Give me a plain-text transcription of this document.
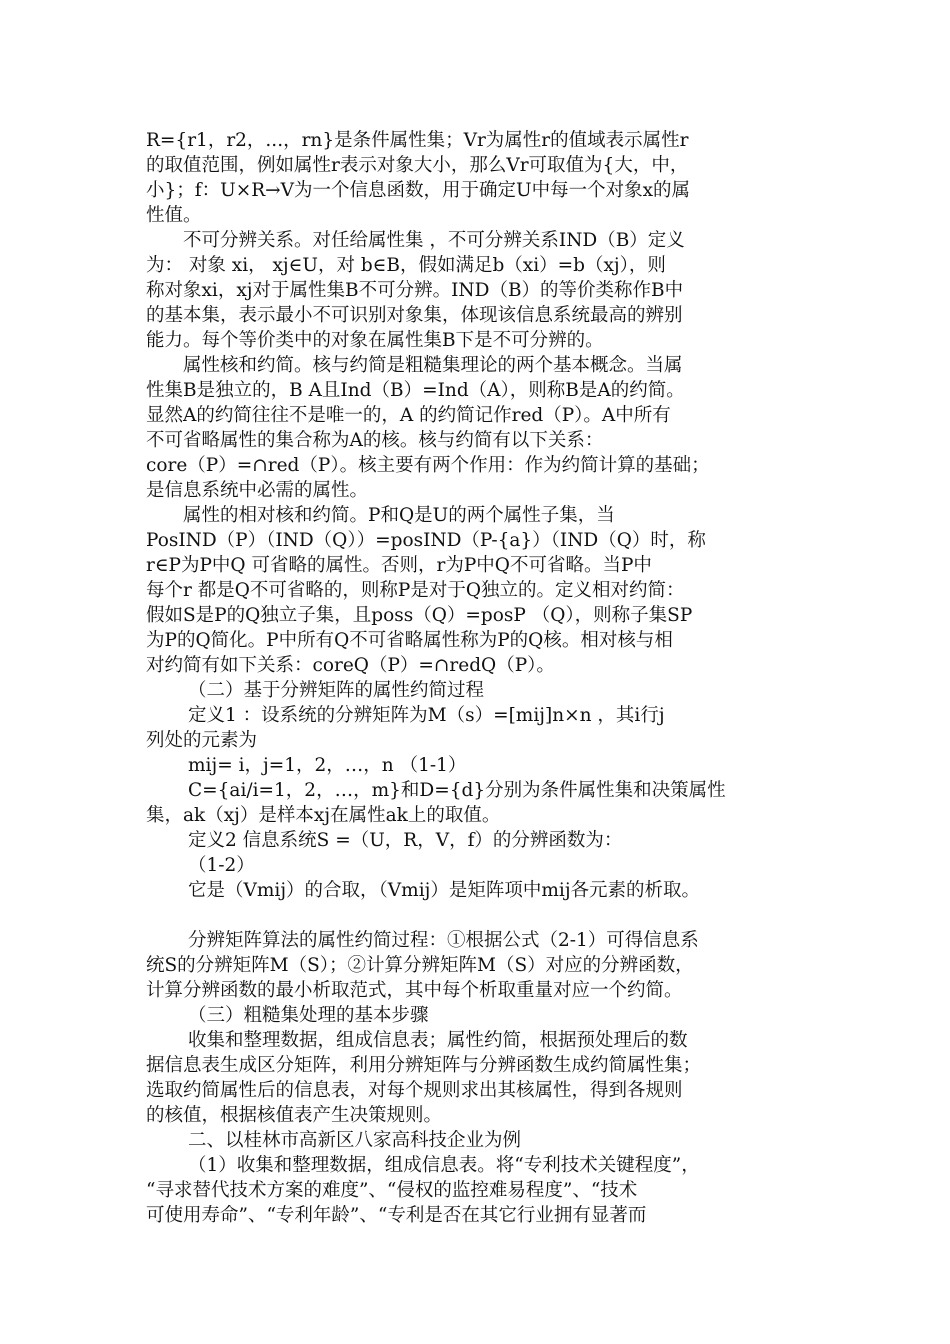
R={r1，r2，...，rn}是条件属性集；Vr为属性r的值域表示属性r
的取值范围，例如属性r表示对象大小，那么Vr可取值为{大，中，
小}；f：U×R→V为一个信息函数，用于确定U中每一个对象x的属
性值。
不可分辨关系。对任给属性集 ，不可分辨关系IND（B）定义
为： 对象 xi， xj∈U，对 b∈B，假如满足b（xi）=b（xj），则
称对象xi，xj对于属性集B不可分辨。IND（B）的等价类称作B中
的基本集，表示最小不可识别对象集，体现该信息系统最高的辨别
能力。每个等价类中的对象在属性集B下是不可分辨的。
属性核和约简。核与约简是粗糙集理论的两个基本概念。当属
性集B是独立的，B A且Ind（B）=Ind（A），则称B是A的约简。
显然A的约简往往不是唯一的，A 的约简记作red（P）。A中所有
不可省略属性的集合称为A的核。核与约简有以下关系：
core（P）=∩red（P）。核主要有两个作用：作为约简计算的基础；
是信息系统中必需的属性。
属性的相对核和约简。P和Q是U的两个属性子集，当
PosIND（P）（IND（Q））=posIND（P-{a}）（IND（Q）时，称
r∈P为P中Q 可省略的属性。否则，r为P中Q不可省略。当P中
每个r 都是Q不可省略的，则称P是对于Q独立的。定义相对约简：
假如S是P的Q独立子集，且poss（Q）=posP （Q），则称子集SP
为P的Q简化。P中所有Q不可省略属性称为P的Q核。相对核与相
对约简有如下关系：coreQ（P）=∩redQ（P）。
（二）基于分辨矩阵的属性约简过程
定义1 ：设系统的分辨矩阵为M（s）=[mij]n×n ，其i行j
列处的元素为
mij= i，j=1，2，…，n （1-1）
C={ai/i=1，2，…，m}和D={d}分别为条件属性集和决策属性
集，ak（xj）是样本xj在属性ak上的取值。
定义2 信息系统S =（U，R，V，f）的分辨函数为：
（1-2）
它是（Vmij）的合取，（Vmij）是矩阵项中mij各元素的析取。
分辨矩阵算法的属性约简过程：①根据公式（2-1）可得信息系
统S的分辨矩阵M（S）；②计算分辨矩阵M（S）对应的分辨函数，
计算分辨函数的最小析取范式，其中每个析取重量对应一个约简。
（三）粗糙集处理的基本步骤
收集和整理数据，组成信息表；属性约简，根据预处理后的数
据信息表生成区分矩阵，利用分辨矩阵与分辨函数生成约简属性集；
选取约简属性后的信息表，对每个规则求出其核属性，得到各规则
的核值，根据核值表产生决策规则。
二、以桂林市高新区八家高科技企业为例
（1）收集和整理数据，组成信息表。将“专利技术关键程度”，
“寻求替代技术方案的难度”、“侵权的监控难易程度”、“技术
可使用寿命”、“专利年龄”、“专利是否在其它行业拥有显著而
